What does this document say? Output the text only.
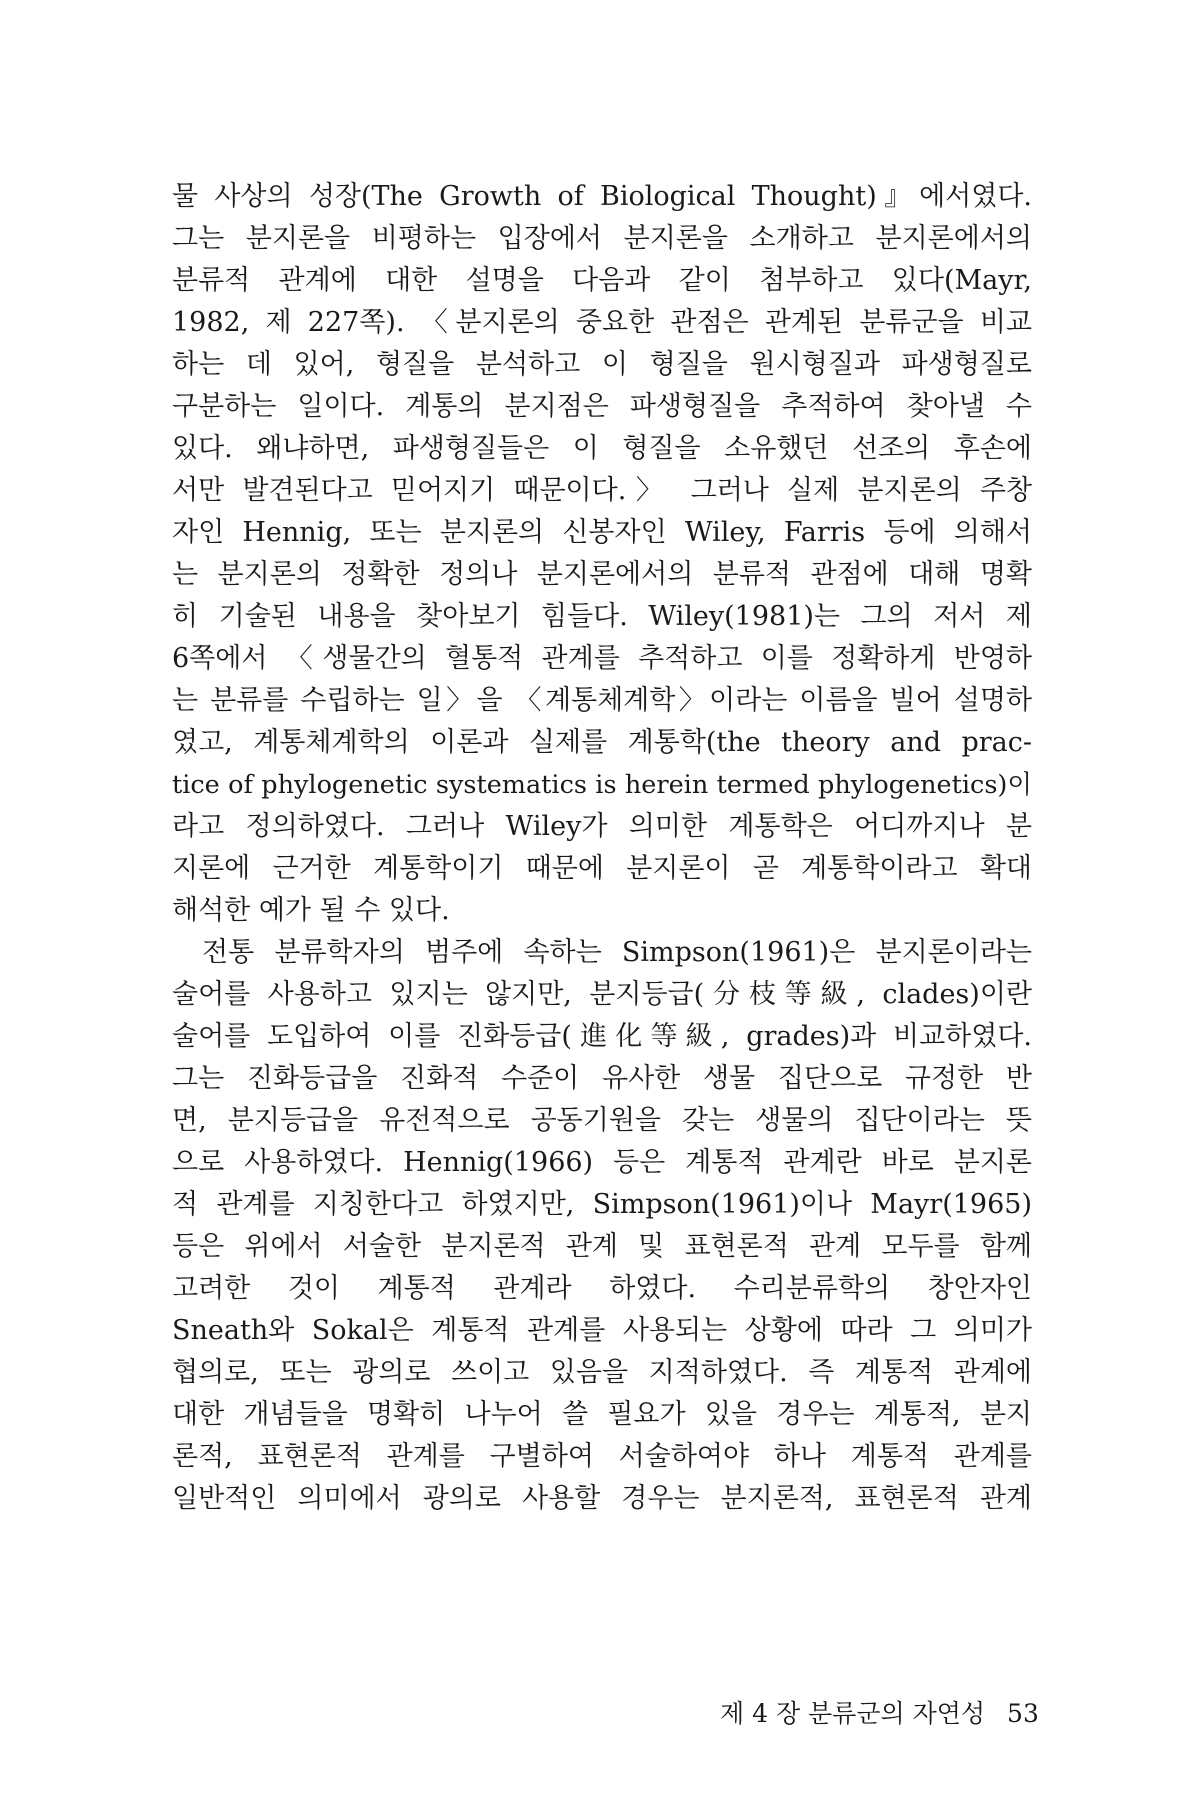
물 사상의 성장(The Growth of Biological Thought)』에서였다.
그는 분지론을 비평하는 입장에서 분지론을 소개하고 분지론에서의
분류적 관계에 대한 설명을 다음과 같이 첨부하고 있다(Mayr,
1982, 제 227쪽). 〈분지론의 중요한 관점은 관계된 분류군을 비교
하는 데 있어, 형질을 분석하고 이 형질을 원시형질과 파생형질로
구분하는 일이다. 계통의 분지점은 파생형질을 추적하여 찾아낼 수
있다. 왜냐하면, 파생형질들은 이 형질을 소유했던 선조의 후손에
서만 발견된다고 믿어지기 때문이다.〉 그러나 실제 분지론의 주창
자인 Hennig, 또는 분지론의 신봉자인 Wiley, Farris 등에 의해서
는 분지론의 정확한 정의나 분지론에서의 분류적 관점에 대해 명확
히 기술된 내용을 찾아보기 힘들다. Wiley(1981)는 그의 저서 제
6쪽에서 〈생물간의 혈통적 관계를 추적하고 이를 정확하게 반영하
는 분류를 수립하는 일〉을 〈계통체계학〉이라는 이름을 빌어 설명하
였고, 계통체계학의 이론과 실제를 계통학(the theory and prac-
tice of phylogenetic systematics is herein termed phylogenetics)이
라고 정의하였다. 그러나 Wiley가 의미한 계통학은 어디까지나 분
지론에 근거한 계통학이기 때문에 분지론이 곧 계통학이라고 확대
해석한 예가 될 수 있다.
전통 분류학자의 범주에 속하는 Simpson(1961)은 분지론이라는
술어를 사용하고 있지는 않지만, 분지등급(分枝等級, clades)이란
술어를 도입하여 이를 진화등급(進化等級, grades)과 비교하였다.
그는 진화등급을 진화적 수준이 유사한 생물 집단으로 규정한 반
면, 분지등급을 유전적으로 공동기원을 갖는 생물의 집단이라는 뜻
으로 사용하였다. Hennig(1966) 등은 계통적 관계란 바로 분지론
적 관계를 지칭한다고 하였지만, Simpson(1961)이나 Mayr(1965)
등은 위에서 서술한 분지론적 관계 및 표현론적 관계 모두를 함께
고려한 것이 계통적 관계라 하였다. 수리분류학의 창안자인
Sneath와 Sokal은 계통적 관계를 사용되는 상황에 따라 그 의미가
협의로, 또는 광의로 쓰이고 있음을 지적하였다. 즉 계통적 관계에
대한 개념들을 명확히 나누어 쓸 필요가 있을 경우는 계통적, 분지
론적, 표현론적 관계를 구별하여 서술하여야 하나 계통적 관계를
일반적인 의미에서 광의로 사용할 경우는 분지론적, 표현론적 관계
제 4 장 분류군의 자연성 53
